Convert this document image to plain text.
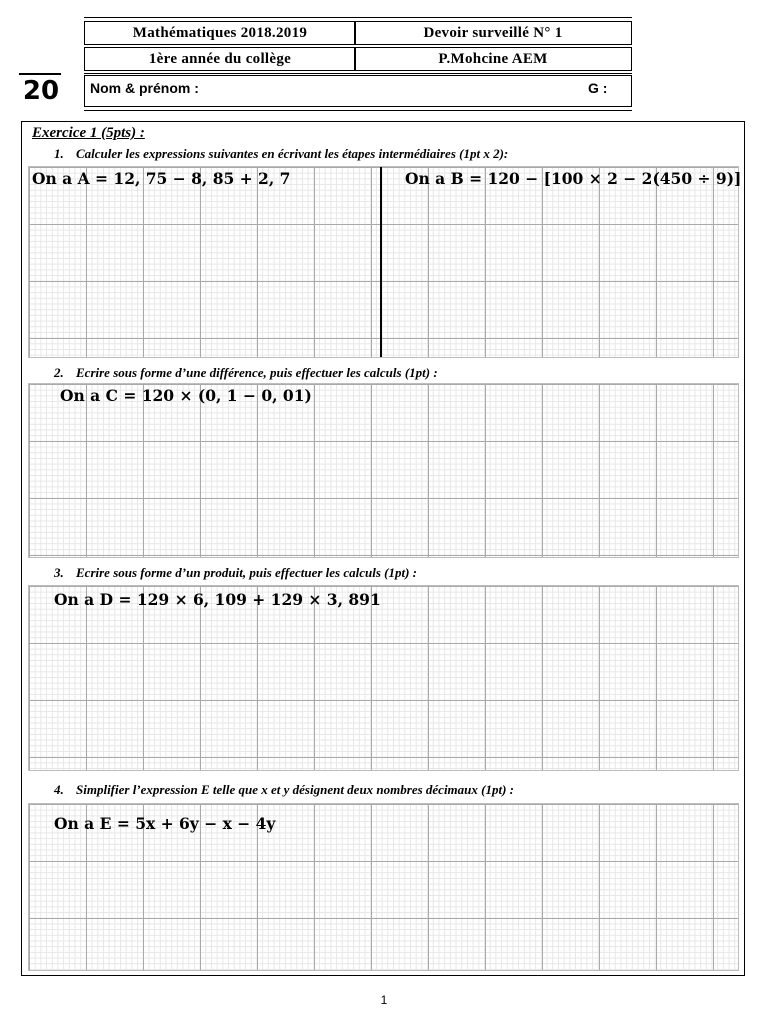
Mathématiques 2018.2019	Devoir surveillé N° 1
1ère année du collège	P.Mohcine AEM
Nom & prénom :	G :
20
Exercice 1 (5pts) :
1. Calculer les expressions suivantes en écrivant les étapes intermédiaires (1pt x 2):
On a A = 12, 75 − 8, 85 + 2, 7	On a B = 120 − [100 × 2 − 2(450 ÷ 9)]
2. Ecrire sous forme d’une différence, puis effectuer les calculs (1pt) :
On a C = 120 × (0, 1 − 0, 01)
3. Ecrire sous forme d’un produit, puis effectuer les calculs (1pt) :
On a D = 129 × 6, 109 + 129 × 3, 891
4. Simplifier l’expression E telle que x et y désignent deux nombres décimaux (1pt) :
On a E = 5x + 6y − x − 4y
1
